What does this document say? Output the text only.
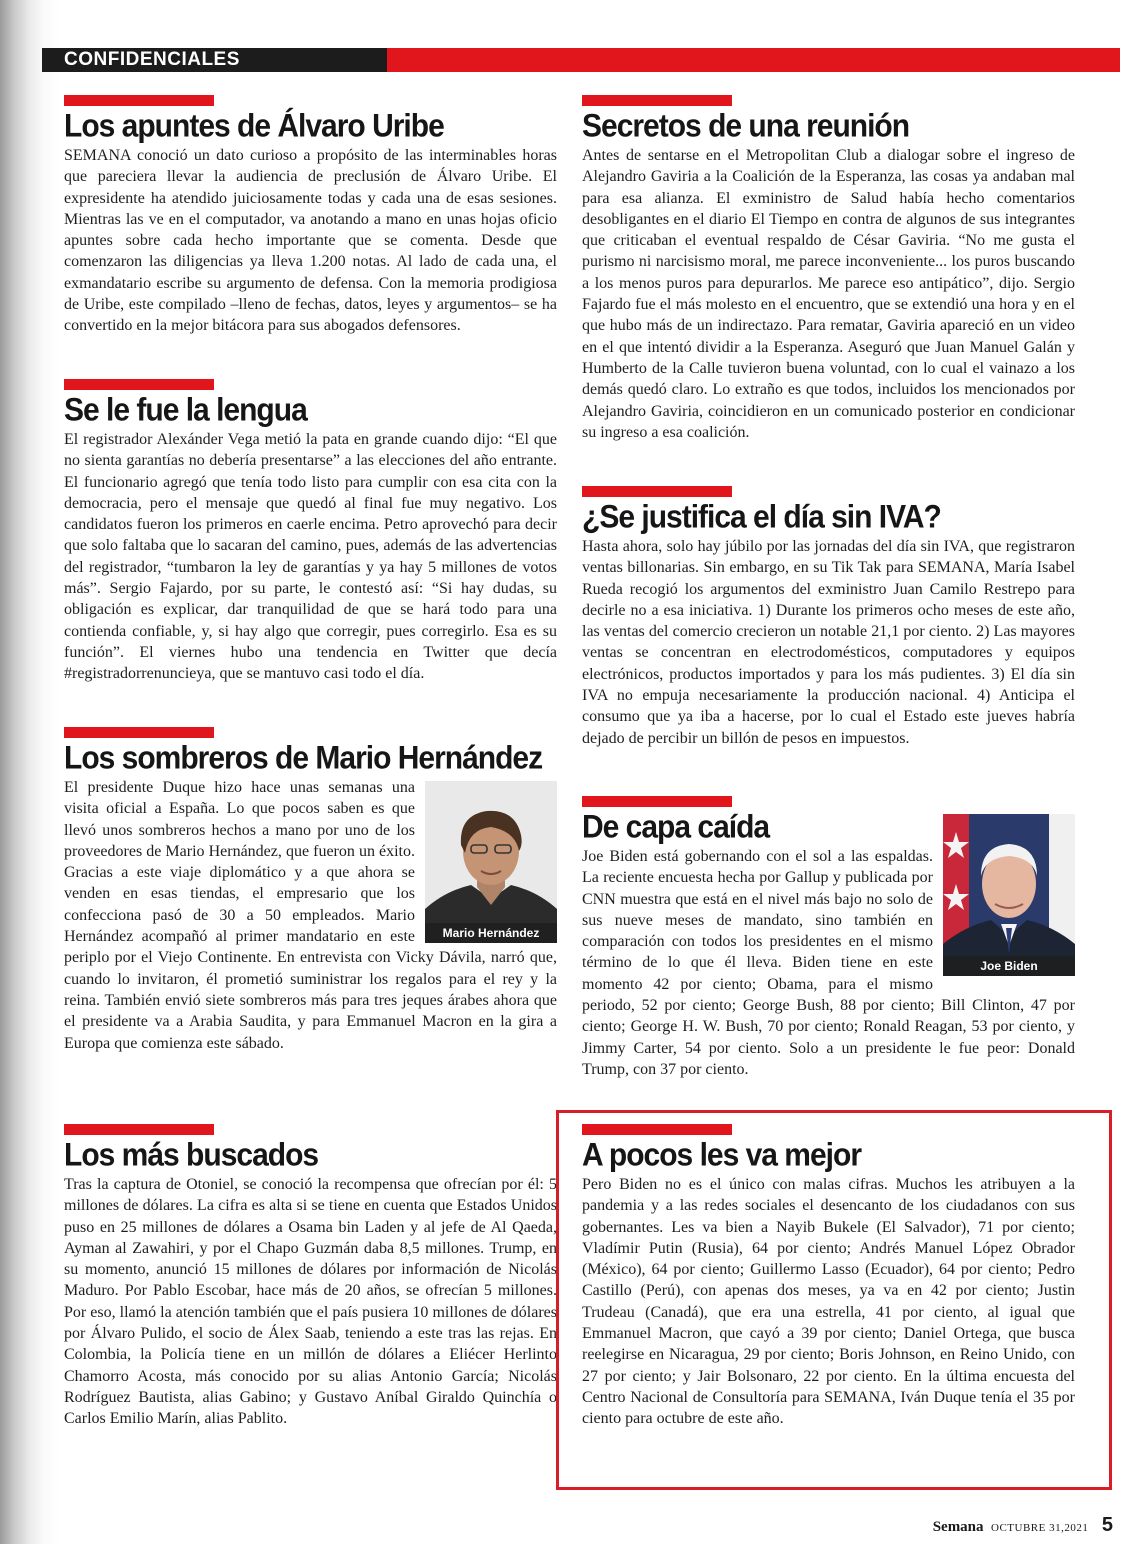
CONFIDENCIALES
Los apuntes de Álvaro Uribe

SEMANA conoció un dato curioso a propósito de las interminables horas que pareciera llevar la audiencia de preclusión de Álvaro Uribe. El expresidente ha atendido juiciosamente todas y cada una de esas sesiones. Mientras las ve en el computador, va anotando a mano en unas hojas oficio apuntes sobre cada hecho importante que se comenta. Desde que comenzaron las diligencias ya lleva 1.200 notas. Al lado de cada una, el exmandatario escribe su argumento de defensa. Con la memoria prodigiosa de Uribe, este compilado –lleno de fechas, datos, leyes y argumentos– se ha convertido en la mejor bitácora para sus abogados defensores.

Se le fue la lengua

El registrador Alexánder Vega metió la pata en grande cuando dijo: “El que no sienta garantías no debería presentarse” a las elecciones del año entrante. El funcionario agregó que tenía todo listo para cumplir con esa cita con la democracia, pero el mensaje que quedó al final fue muy negativo. Los candidatos fueron los primeros en caerle encima. Petro aprovechó para decir que solo faltaba que lo sacaran del camino, pues, además de las advertencias del registrador, “tumbaron la ley de garantías y ya hay 5 millones de votos más”. Sergio Fajardo, por su parte, le contestó así: “Si hay dudas, su obligación es explicar, dar tranquilidad de que se hará todo para una contienda confiable, y, si hay algo que corregir, pues corregirlo. Esa es su función”. El viernes hubo una tendencia en Twitter que decía #registradorrenuncieya, que se mantuvo casi todo el día.

Los sombreros de Mario Hernández
Mario Hernández

El presidente Duque hizo hace unas semanas una visita oficial a España. Lo que pocos saben es que llevó unos sombreros hechos a mano por uno de los proveedores de Mario Hernández, que fueron un éxito. Gracias a este viaje diplomático y a que ahora se venden en esas tiendas, el empresario que los confecciona pasó de 30 a 50 empleados. Mario Hernández acompañó al primer mandatario en este periplo por el Viejo Continente. En entrevista con Vicky Dávila, narró que, cuando lo invitaron, él prometió suministrar los regalos para el rey y la reina. También envió siete sombreros más para tres jeques árabes ahora que el presidente va a Arabia Saudita, y para Emmanuel Macron en la gira a Europa que comienza este sábado.

Los más buscados

Tras la captura de Otoniel, se conoció la recompensa que ofrecían por él: 5 millones de dólares. La cifra es alta si se tiene en cuenta que Estados Unidos puso en 25 millones de dólares a Osama bin Laden y al jefe de Al Qaeda, Ayman al Zawahiri, y por el Chapo Guzmán daba 8,5 millones. Trump, en su momento, anunció 15 millones de dólares por información de Nicolás Maduro. Por Pablo Escobar, hace más de 20 años, se ofrecían 5 millones. Por eso, llamó la atención también que el país pusiera 10 millones de dólares por Álvaro Pulido, el socio de Álex Saab, teniendo a este tras las rejas. En Colombia, la Policía tiene en un millón de dólares a Eliécer Herlinto Chamorro Acosta, más conocido por su alias Antonio García; Nicolás Rodríguez Bautista, alias Gabino; y Gustavo Aníbal Giraldo Quinchía o Carlos Emilio Marín, alias Pablito.

Secretos de una reunión

Antes de sentarse en el Metropolitan Club a dialogar sobre el ingreso de Alejandro Gaviria a la Coalición de la Esperanza, las cosas ya andaban mal para esa alianza. El exministro de Salud había hecho comentarios desobligantes en el diario El Tiempo en contra de algunos de sus integrantes que criticaban el eventual respaldo de César Gaviria. “No me gusta el purismo ni narcisismo moral, me parece inconveniente... los puros buscando a los menos puros para depurarlos. Me parece eso antipático”, dijo. Sergio Fajardo fue el más molesto en el encuentro, que se extendió una hora y en el que hubo más de un indirectazo. Para rematar, Gaviria apareció en un video en el que intentó dividir a la Esperanza. Aseguró que Juan Manuel Galán y Humberto de la Calle tuvieron buena voluntad, con lo cual el vainazo a los demás quedó claro. Lo extraño es que todos, incluidos los mencionados por Alejandro Gaviria, coincidieron en un comunicado posterior en condicionar su ingreso a esa coalición.

¿Se justifica el día sin IVA?

Hasta ahora, solo hay júbilo por las jornadas del día sin IVA, que registraron ventas billonarias. Sin embargo, en su Tik Tak para SEMANA, María Isabel Rueda recogió los argumentos del exministro Juan Camilo Restrepo para decirle no a esa iniciativa. 1) Durante los primeros ocho meses de este año, las ventas del comercio crecieron un notable 21,1 por ciento. 2) Las mayores ventas se concentran en electrodomésticos, computadores y equipos electrónicos, productos importados y para los más pudientes. 3) El día sin IVA no empuja necesariamente la producción nacional. 4) Anticipa el consumo que ya iba a hacerse, por lo cual el Estado este jueves habría dejado de percibir un billón de pesos en impuestos.

De capa caída
Joe Biden

Joe Biden está gobernando con el sol a las espaldas. La reciente encuesta hecha por Gallup y publicada por CNN muestra que está en el nivel más bajo no solo de sus nueve meses de mandato, sino también en comparación con todos los presidentes en el mismo término de lo que él lleva. Biden tiene en este momento 42 por ciento; Obama, para el mismo periodo, 52 por ciento; George Bush, 88 por ciento; Bill Clinton, 47 por ciento; George H. W. Bush, 70 por ciento; Ronald Reagan, 53 por ciento, y Jimmy Carter, 54 por ciento. Solo a un presidente le fue peor: Donald Trump, con 37 por ciento.

A pocos les va mejor

Pero Biden no es el único con malas cifras. Muchos les atribuyen a la pandemia y a las redes sociales el desencanto de los ciudadanos con sus gobernantes. Les va bien a Nayib Bukele (El Salvador), 71 por ciento; Vladímir Putin (Rusia), 64 por ciento; Andrés Manuel López Obrador (México), 64 por ciento; Guillermo Lasso (Ecuador), 64 por ciento; Pedro Castillo (Perú), con apenas dos meses, ya va en 42 por ciento; Justin Trudeau (Canadá), que era una estrella, 41 por ciento, al igual que Emmanuel Macron, que cayó a 39 por ciento; Daniel Ortega, que busca reelegirse en Nicaragua, 29 por ciento; Boris Johnson, en Reino Unido, con 27 por ciento; y Jair Bolsonaro, 22 por ciento. En la última encuesta del Centro Nacional de Consultoría para SEMANA, Iván Duque tenía el 35 por ciento para octubre de este año.

Semana OCTUBRE 31,2021 5
